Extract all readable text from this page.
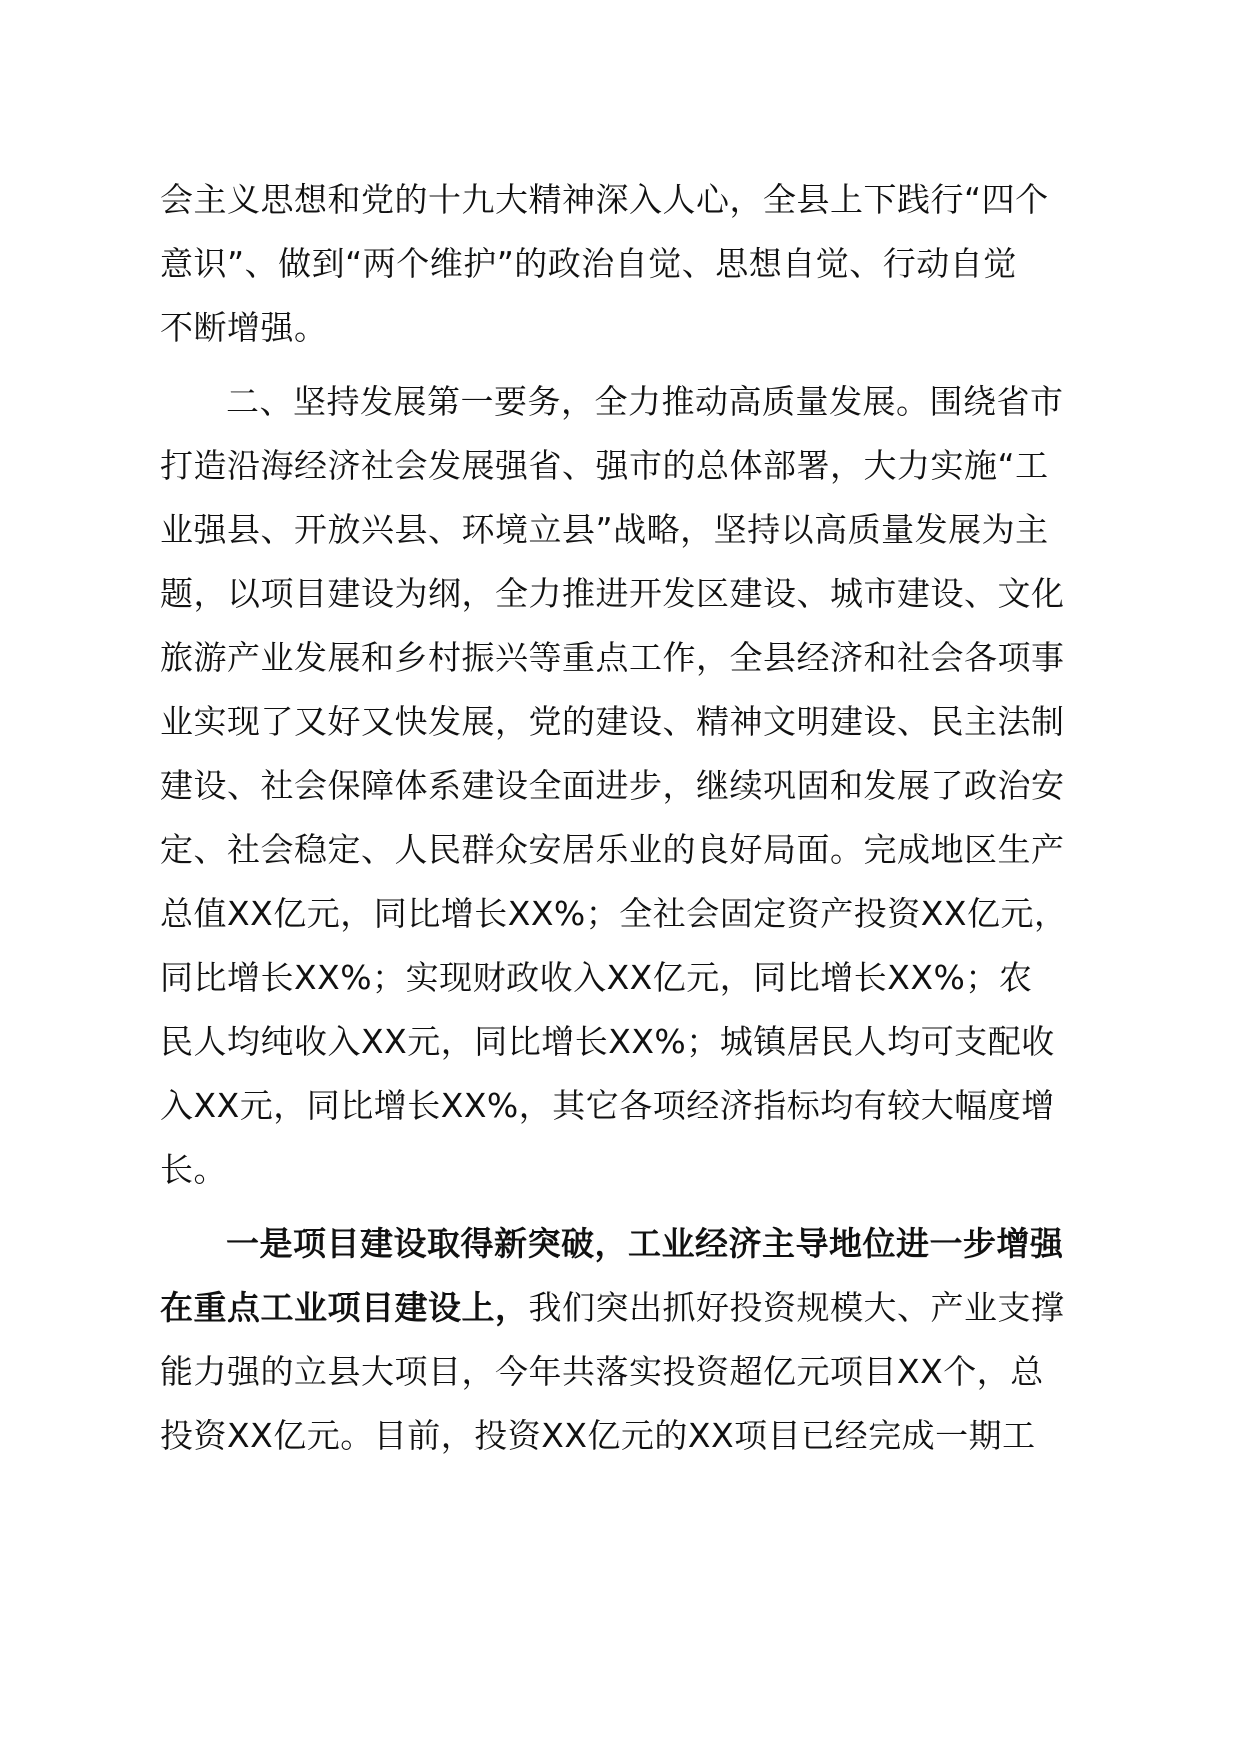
会主义思想和党的十九大精神深入人心，全县上下践行“四个
意识”、做到“两个维护”的政治自觉、思想自觉、行动自觉
不断增强。
二、坚持发展第一要务，全力推动高质量发展。围绕省市
打造沿海经济社会发展强省、强市的总体部署，大力实施“工
业强县、开放兴县、环境立县”战略，坚持以高质量发展为主
题，以项目建设为纲，全力推进开发区建设、城市建设、文化
旅游产业发展和乡村振兴等重点工作，全县经济和社会各项事
业实现了又好又快发展，党的建设、精神文明建设、民主法制
建设、社会保障体系建设全面进步，继续巩固和发展了政治安
定、社会稳定、人民群众安居乐业的良好局面。完成地区生产
总值XX亿元，同比增长XX%；全社会固定资产投资XX亿元，
同比增长XX%；实现财政收入XX亿元，同比增长XX%；农
民人均纯收入XX元，同比增长XX%；城镇居民人均可支配收
入XX元，同比增长XX%，其它各项经济指标均有较大幅度增
长。
一是项目建设取得新突破，工业经济主导地位进一步增强
在重点工业项目建设上，我们突出抓好投资规模大、产业支撑
能力强的立县大项目，今年共落实投资超亿元项目XX个，总
投资XX亿元。目前，投资XX亿元的XX项目已经完成一期工
